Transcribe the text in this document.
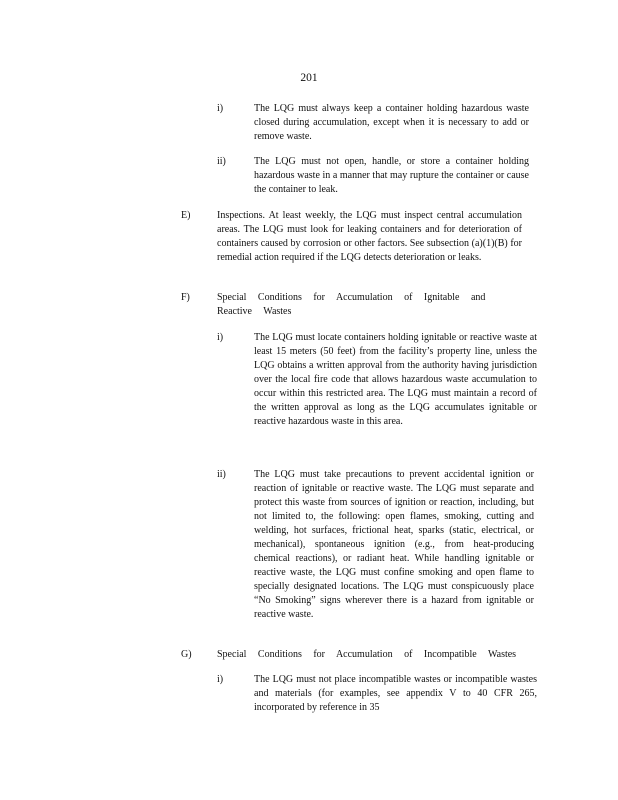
201
i)	The LQG must always keep a container holding hazardous waste closed during accumulation, except when it is necessary to add or remove waste.
ii)	The LQG must not open, handle, or store a container holding hazardous waste in a manner that may rupture the container or cause the container to leak.
E)	Inspections. At least weekly, the LQG must inspect central accumulation areas. The LQG must look for leaking containers and for deterioration of containers caused by corrosion or other factors. See subsection (a)(1)(B) for remedial action required if the LQG detects deterioration or leaks.
F)	Special Conditions for Accumulation of Ignitable and Reactive Wastes
i)	The LQG must locate containers holding ignitable or reactive waste at least 15 meters (50 feet) from the facility’s property line, unless the LQG obtains a written approval from the authority having jurisdiction over the local fire code that allows hazardous waste accumulation to occur within this restricted area. The LQG must maintain a record of the written approval as long as the LQG accumulates ignitable or reactive hazardous waste in this area.
ii)	The LQG must take precautions to prevent accidental ignition or reaction of ignitable or reactive waste. The LQG must separate and protect this waste from sources of ignition or reaction, including, but not limited to, the following: open flames, smoking, cutting and welding, hot surfaces, frictional heat, sparks (static, electrical, or mechanical), spontaneous ignition (e.g., from heat-producing chemical reactions), or radiant heat. While handling ignitable or reactive waste, the LQG must confine smoking and open flame to specially designated locations. The LQG must conspicuously place “No Smoking” signs wherever there is a hazard from ignitable or reactive waste.
G)	Special Conditions for Accumulation of Incompatible Wastes
i)	The LQG must not place incompatible wastes or incompatible wastes and materials (for examples, see appendix V to 40 CFR 265, incorporated by reference in 35
